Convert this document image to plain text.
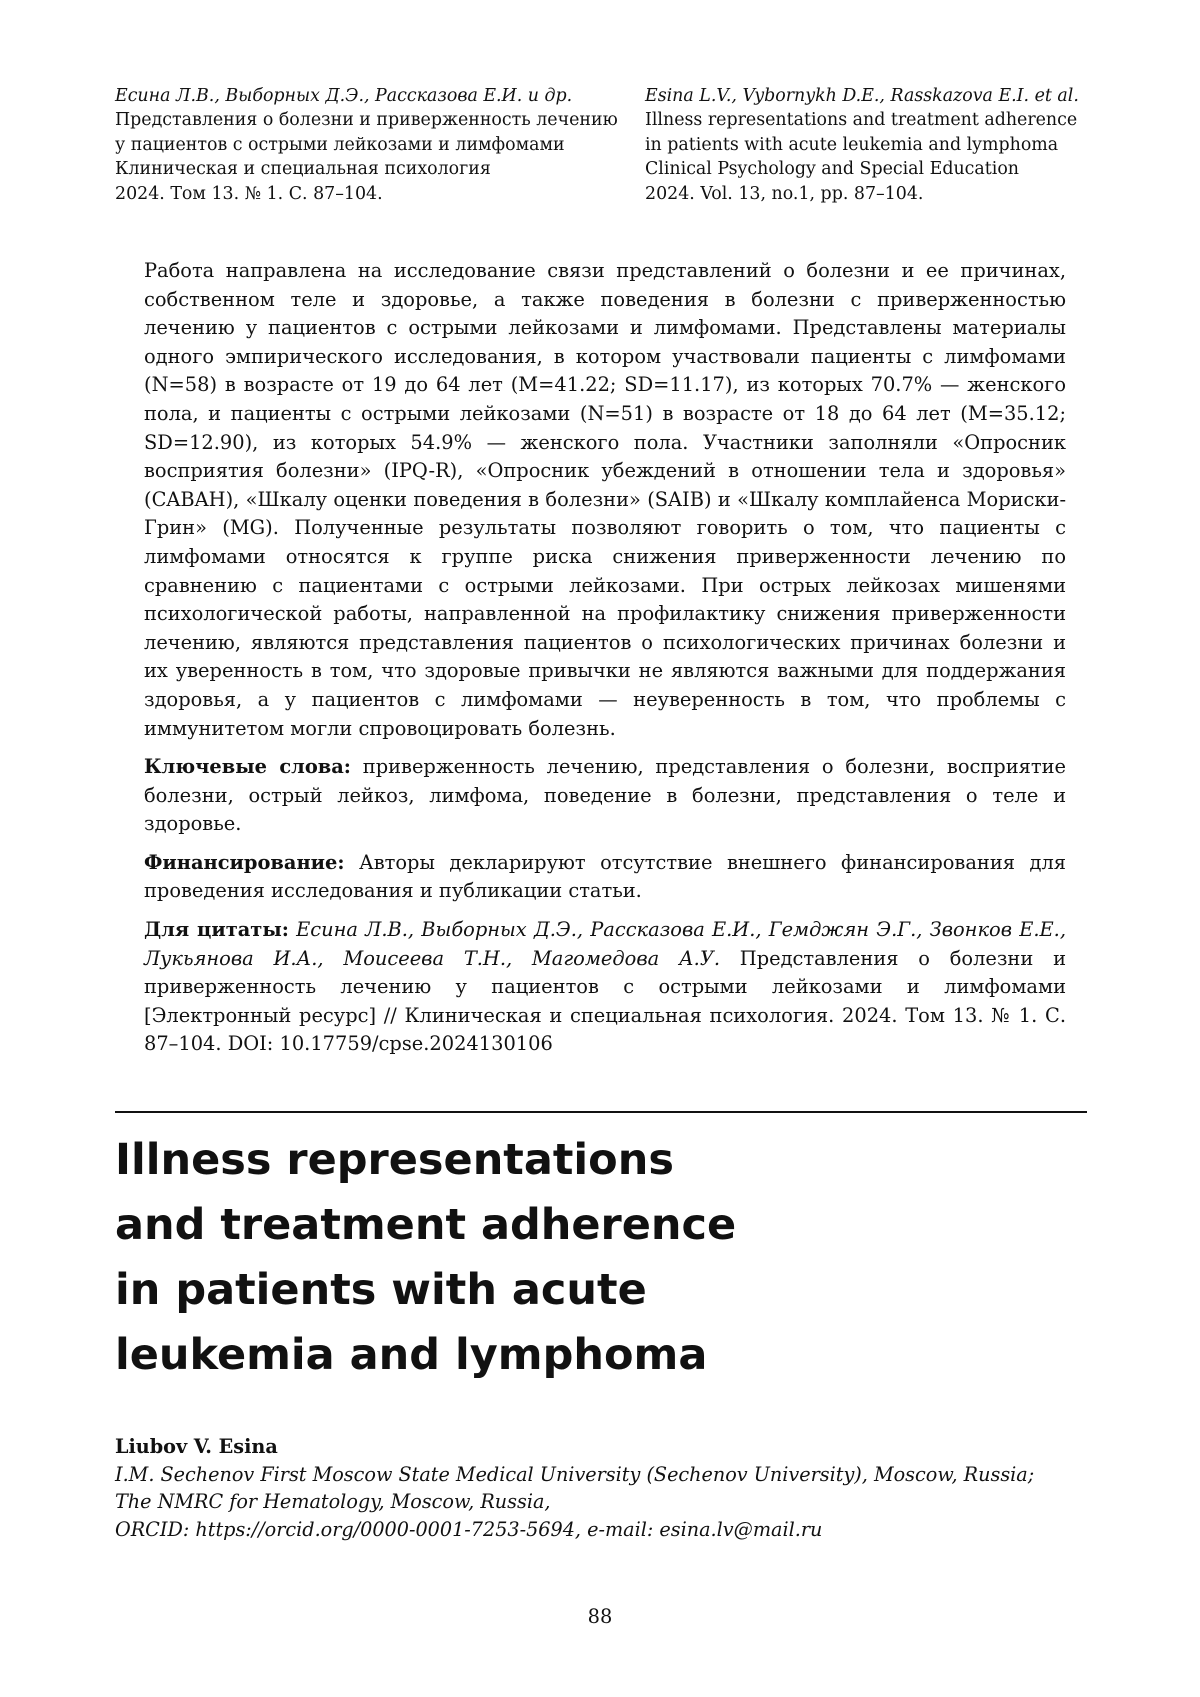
Есина Л.В., Выборных Д.Э., Рассказова Е.И. и др.
Представления о болезни и приверженность лечению
у пациентов с острыми лейкозами и лимфомами
Клиническая и специальная психология
2024. Том 13. № 1. С. 87–104.
Esina L.V., Vybornykh D.E., Rasskazova E.I. et al.
Illness representations and treatment adherence
in patients with acute leukemia and lymphoma
Clinical Psychology and Special Education
2024. Vol. 13, no.1, pp. 87–104.

Работа направлена на исследование связи представлений о болезни и ее причинах, собственном теле и здоровье, а также поведения в болезни с приверженностью лечению у пациентов с острыми лейкозами и лимфомами. Представлены материалы одного эмпирического исследования, в котором участвовали пациенты с лимфомами (N=58) в возрасте от 19 до 64 лет (M=41.22; SD=11.17), из которых 70.7% — женского пола, и пациенты с острыми лейкозами (N=51) в возрасте от 18 до 64 лет (M=35.12; SD=12.90), из которых 54.9% — женского пола. Участники заполняли «Опросник восприятия болезни» (IPQ-R), «Опросник убеждений в отношении тела и здоровья» (CABAH), «Шкалу оценки поведения в болезни» (SAIB) и «Шкалу комплайенса Мориски-Грин» (MG). Полученные результаты позволяют говорить о том, что пациенты с лимфомами относятся к группе риска снижения приверженности лечению по сравнению с пациентами с острыми лейкозами. При острых лейкозах мишенями психологической работы, направленной на профилактику снижения приверженности лечению, являются представления пациентов о психологических причинах болезни и их уверенность в том, что здоровые привычки не являются важными для поддержания здоровья, а у пациентов с лимфомами — неуверенность в том, что проблемы с иммунитетом могли спровоцировать болезнь.

Ключевые слова: приверженность лечению, представления о болезни, восприятие болезни, острый лейкоз, лимфома, поведение в болезни, представления о теле и здоровье.

Финансирование: Авторы декларируют отсутствие внешнего финансирования для проведения исследования и публикации статьи.

Для цитаты: Есина Л.В., Выборных Д.Э., Рассказова Е.И., Гемджян Э.Г., Звонков Е.Е., Лукьянова И.А., Моисеева Т.Н., Магомедова А.У. Представления о болезни и приверженность лечению у пациентов с острыми лейкозами и лимфомами [Электронный ресурс] // Клиническая и специальная психология. 2024. Том 13. № 1. С. 87–104. DOI: 10.17759/cpse.2024130106

Illness representations
and treatment adherence
in patients with acute
leukemia and lymphoma
Liubov V. Esina
I.M. Sechenov First Moscow State Medical University (Sechenov University), Moscow, Russia;
The NMRC for Hematology, Moscow, Russia,
ORCID: https://orcid.org/0000-0001-7253-5694, e-mail: esina.lv@mail.ru
88
